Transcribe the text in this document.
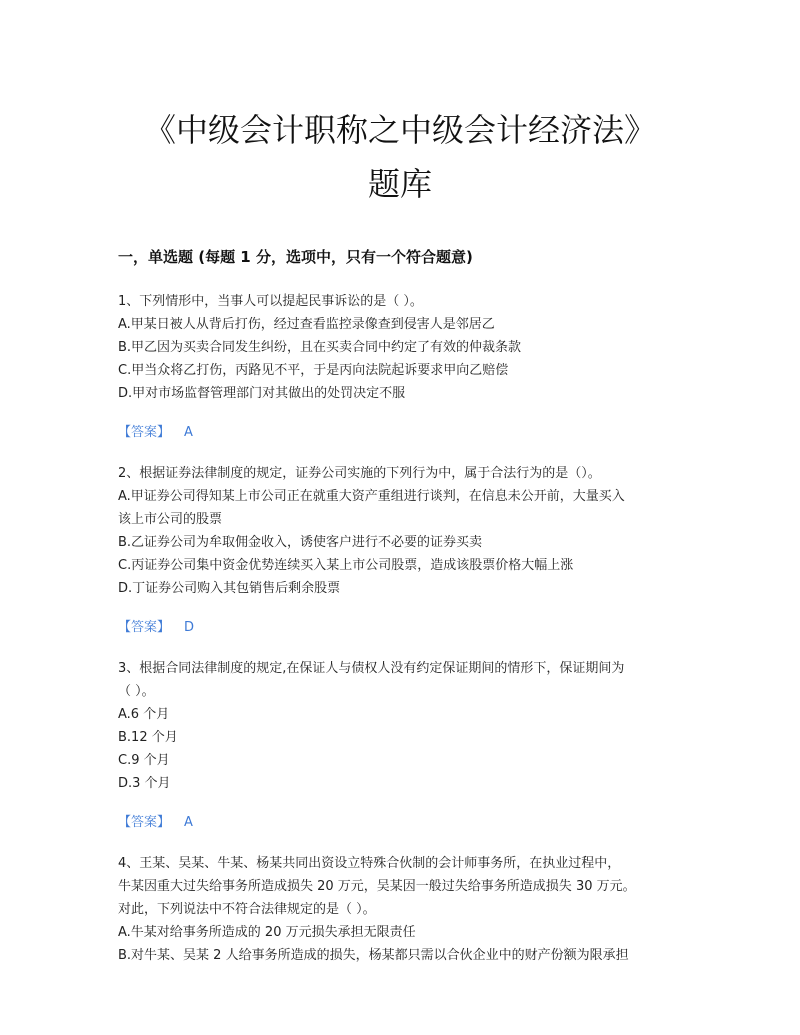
《中级会计职称之中级会计经济法》
题库
一，单选题 (每题 1 分，选项中，只有一个符合题意)
1、下列情形中，当事人可以提起民事诉讼的是（ ）。
A.甲某日被人从背后打伤，经过查看监控录像查到侵害人是邻居乙
B.甲乙因为买卖合同发生纠纷，且在买卖合同中约定了有效的仲裁条款
C.甲当众将乙打伤，丙路见不平，于是丙向法院起诉要求甲向乙赔偿
D.甲对市场监督管理部门对其做出的处罚决定不服
【答案】 A
2、根据证券法律制度的规定，证券公司实施的下列行为中，属于合法行为的是（）。
A.甲证券公司得知某上市公司正在就重大资产重组进行谈判，在信息未公开前，大量买入
该上市公司的股票
B.乙证券公司为牟取佣金收入，诱使客户进行不必要的证券买卖
C.丙证券公司集中资金优势连续买入某上市公司股票，造成该股票价格大幅上涨
D.丁证券公司购入其包销售后剩余股票
【答案】 D
3、根据合同法律制度的规定,在保证人与债权人没有约定保证期间的情形下，保证期间为
（ ）。
A.6 个月
B.12 个月
C.9 个月
D.3 个月
【答案】 A
4、王某、吴某、牛某、杨某共同出资设立特殊合伙制的会计师事务所，在执业过程中，
牛某因重大过失给事务所造成损失 20 万元，吴某因一般过失给事务所造成损失 30 万元。
对此，下列说法中不符合法律规定的是（ ）。
A.牛某对给事务所造成的 20 万元损失承担无限责任
B.对牛某、吴某 2 人给事务所造成的损失，杨某都只需以合伙企业中的财产份额为限承担
